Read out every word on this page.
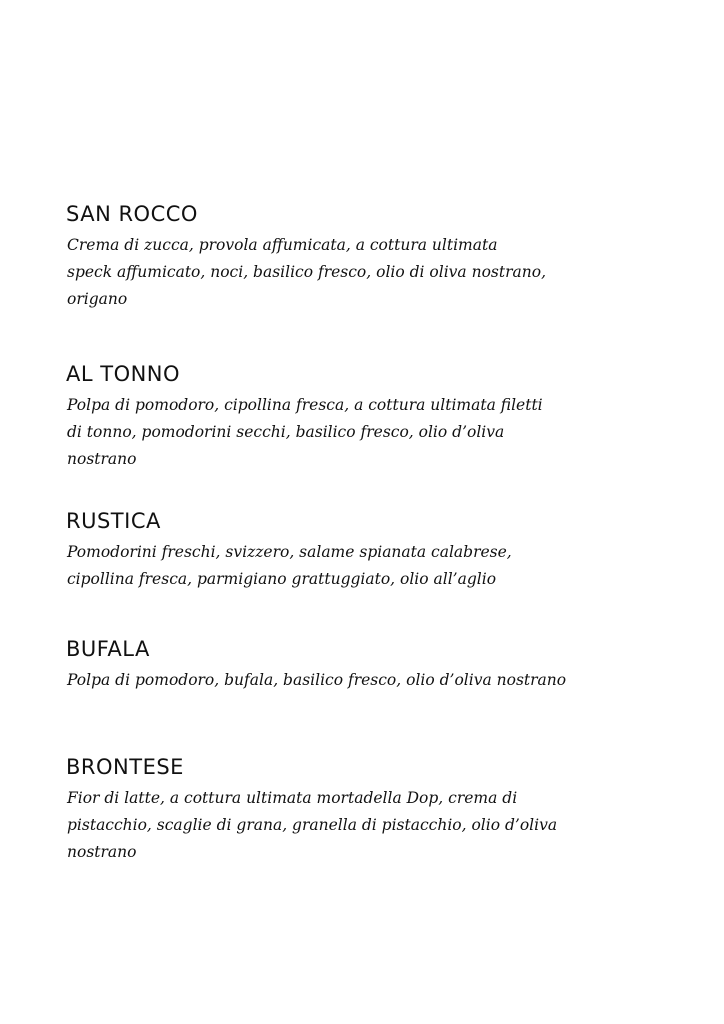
SAN ROCCO

Crema di zucca, provola affumicata, a cottura ultimata
speck affumicato, noci, basilico fresco, olio di oliva nostrano,
origano

AL TONNO

Polpa di pomodoro, cipollina fresca, a cottura ultimata filetti
di tonno, pomodorini secchi, basilico fresco, olio d’oliva
nostrano

RUSTICA

Pomodorini freschi, svizzero, salame spianata calabrese,
cipollina fresca, parmigiano grattuggiato, olio all’aglio

BUFALA

Polpa di pomodoro, bufala, basilico fresco, olio d’oliva nostrano

BRONTESE

Fior di latte, a cottura ultimata mortadella Dop, crema di
pistacchio, scaglie di grana, granella di pistacchio, olio d’oliva
nostrano
